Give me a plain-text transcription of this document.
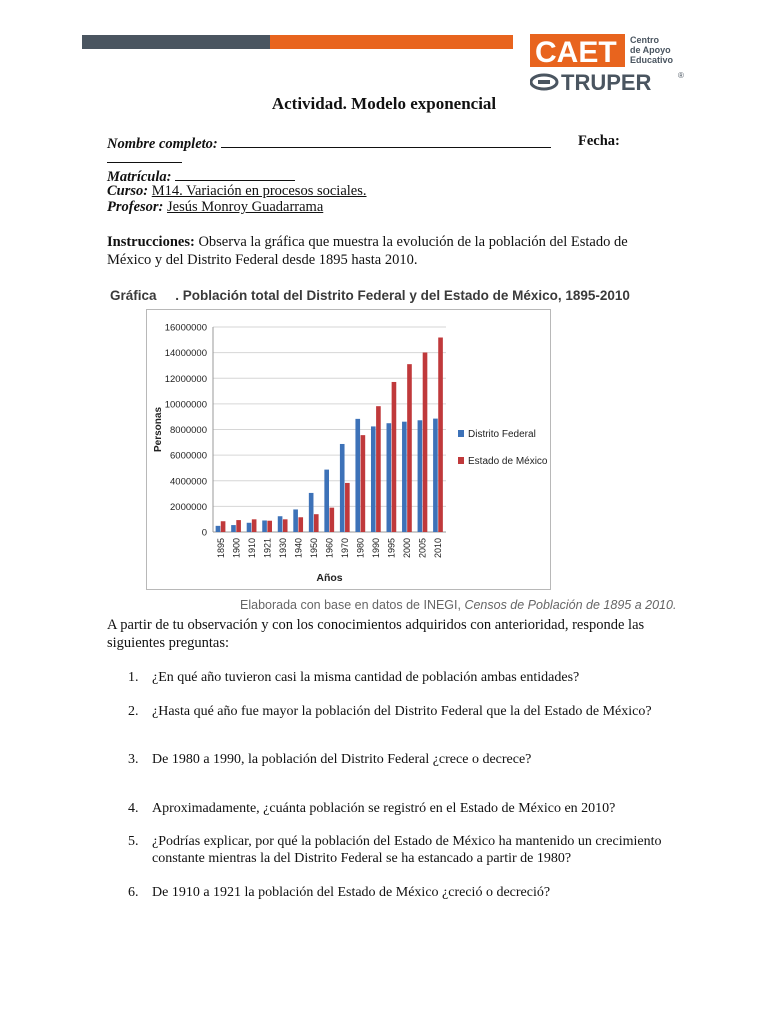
CAET Centro
de Apoyo
Educativo
TRUPER	®
Actividad. Modelo exponencial
Nombre completo:	Fecha:
Matrícula:
Curso: M14. Variación en procesos sociales.
Profesor: Jesús Monroy Guadarrama
Instrucciones: Observa la gráfica que muestra la evolución de la población del Estado de México y del Distrito Federal desde 1895 hasta 2010.
Gráfica     . Población total del Distrito Federal y del Estado de México, 1895-2010
0
2000000
4000000
6000000
8000000
10000000
12000000
14000000
16000000
1895 1900 1910 1921 1930 1940 1950 1960 1970 1980 1990 1995 2000 2005 2010
Años
Personas	Distrito Federal
Estado de México
Elaborada con base en datos de INEGI, Censos de Población de 1895 a 2010.
A partir de tu observación y con los conocimientos adquiridos con anterioridad, responde las siguientes preguntas:
1. ¿En qué año tuvieron casi la misma cantidad de población ambas entidades?
2. ¿Hasta qué año fue mayor la población del Distrito Federal que la del Estado de México?
3. De 1980 a 1990, la población del Distrito Federal ¿crece o decrece?
4. Aproximadamente, ¿cuánta población se registró en el Estado de México en 2010?
5. ¿Podrías explicar, por qué la población del Estado de México ha mantenido un crecimiento constante mientras la del Distrito Federal se ha estancado a partir de 1980?
6. De 1910 a 1921 la población del Estado de México ¿creció o decreció?
